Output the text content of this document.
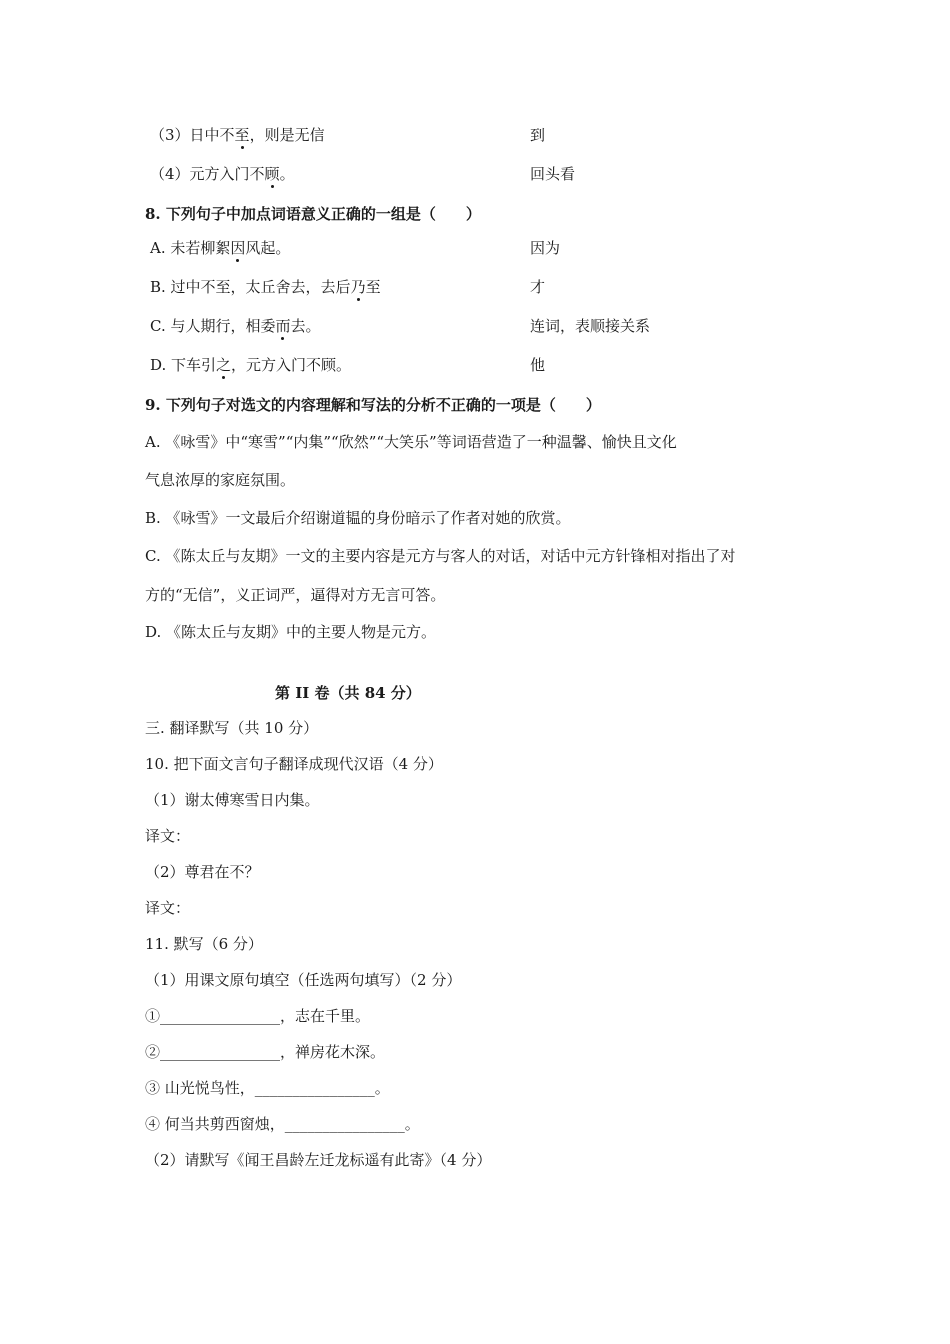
（3）日中不至，则是无信	到
（4）元方入门不顾。	回头看
8. 下列句子中加点词语意义正确的一组是（　　）
A. 未若柳絮因风起。	因为
B. 过中不至，太丘舍去，去后乃至	才
C. 与人期行，相委而去。	连词，表顺接关系
D. 下车引之，元方入门不顾。	他
9. 下列句子对选文的内容理解和写法的分析不正确的一项是（　　）
A. 《咏雪》中“寒雪”“内集”“欣然”“大笑乐”等词语营造了一种温馨、愉快且文化
气息浓厚的家庭氛围。
B. 《咏雪》一文最后介绍谢道韫的身份暗示了作者对她的欣赏。
C. 《陈太丘与友期》一文的主要内容是元方与客人的对话，对话中元方针锋相对指出了对
方的“无信”，义正词严，逼得对方无言可答。
D. 《陈太丘与友期》中的主要人物是元方。
第 II 卷（共 84 分）
三. 翻译默写（共 10 分）
10. 把下面文言句子翻译成现代汉语（4 分）
（1）谢太傅寒雪日内集。
译文：
（2）尊君在不？
译文：
11. 默写（6 分）
（1）用课文原句填空（任选两句填写）（2 分）
①________________，志在千里。
②________________，禅房花木深。
③ 山光悦鸟性，________________。
④ 何当共剪西窗烛，________________。
（2）请默写《闻王昌龄左迁龙标遥有此寄》（4 分）
